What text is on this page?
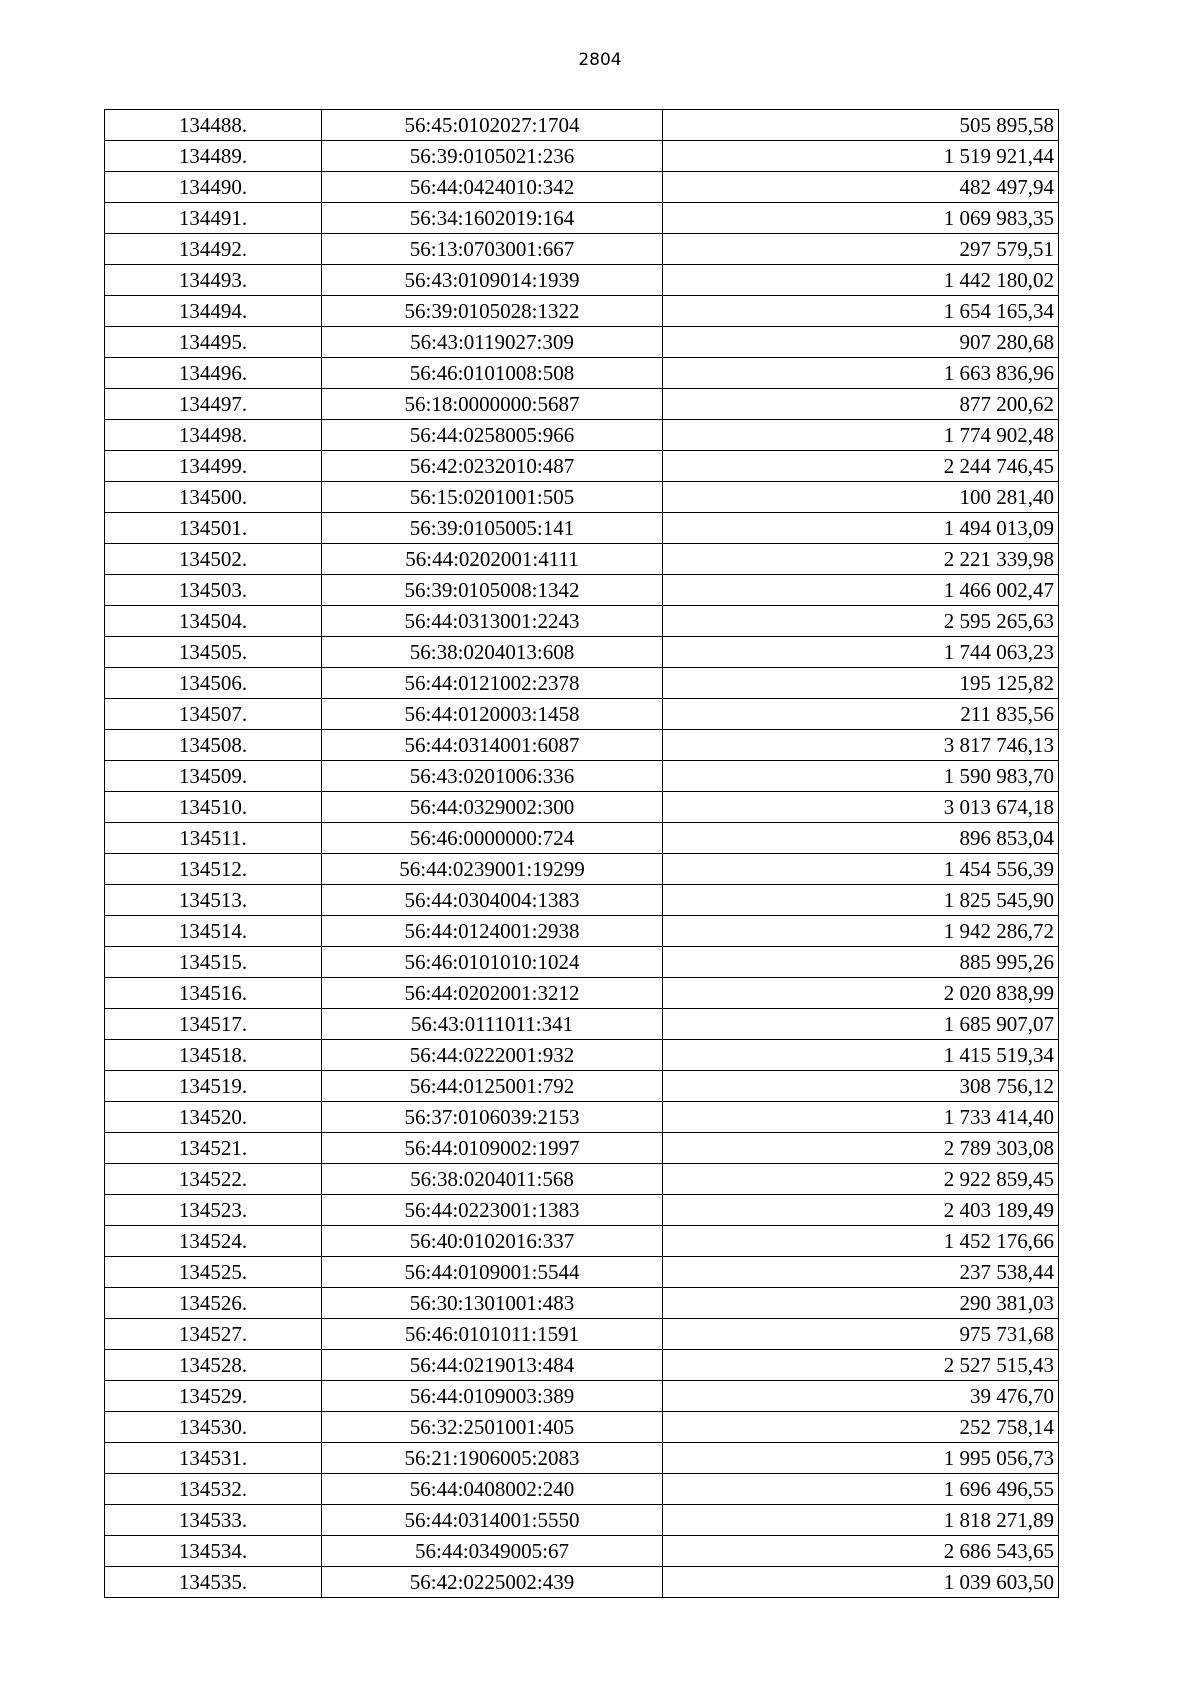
2804
134488.	56:45:0102027:1704	505 895,58
134489.	56:39:0105021:236	1 519 921,44
134490.	56:44:0424010:342	482 497,94
134491.	56:34:1602019:164	1 069 983,35
134492.	56:13:0703001:667	297 579,51
134493.	56:43:0109014:1939	1 442 180,02
134494.	56:39:0105028:1322	1 654 165,34
134495.	56:43:0119027:309	907 280,68
134496.	56:46:0101008:508	1 663 836,96
134497.	56:18:0000000:5687	877 200,62
134498.	56:44:0258005:966	1 774 902,48
134499.	56:42:0232010:487	2 244 746,45
134500.	56:15:0201001:505	100 281,40
134501.	56:39:0105005:141	1 494 013,09
134502.	56:44:0202001:4111	2 221 339,98
134503.	56:39:0105008:1342	1 466 002,47
134504.	56:44:0313001:2243	2 595 265,63
134505.	56:38:0204013:608	1 744 063,23
134506.	56:44:0121002:2378	195 125,82
134507.	56:44:0120003:1458	211 835,56
134508.	56:44:0314001:6087	3 817 746,13
134509.	56:43:0201006:336	1 590 983,70
134510.	56:44:0329002:300	3 013 674,18
134511.	56:46:0000000:724	896 853,04
134512.	56:44:0239001:19299	1 454 556,39
134513.	56:44:0304004:1383	1 825 545,90
134514.	56:44:0124001:2938	1 942 286,72
134515.	56:46:0101010:1024	885 995,26
134516.	56:44:0202001:3212	2 020 838,99
134517.	56:43:0111011:341	1 685 907,07
134518.	56:44:0222001:932	1 415 519,34
134519.	56:44:0125001:792	308 756,12
134520.	56:37:0106039:2153	1 733 414,40
134521.	56:44:0109002:1997	2 789 303,08
134522.	56:38:0204011:568	2 922 859,45
134523.	56:44:0223001:1383	2 403 189,49
134524.	56:40:0102016:337	1 452 176,66
134525.	56:44:0109001:5544	237 538,44
134526.	56:30:1301001:483	290 381,03
134527.	56:46:0101011:1591	975 731,68
134528.	56:44:0219013:484	2 527 515,43
134529.	56:44:0109003:389	39 476,70
134530.	56:32:2501001:405	252 758,14
134531.	56:21:1906005:2083	1 995 056,73
134532.	56:44:0408002:240	1 696 496,55
134533.	56:44:0314001:5550	1 818 271,89
134534.	56:44:0349005:67	2 686 543,65
134535.	56:42:0225002:439	1 039 603,50
